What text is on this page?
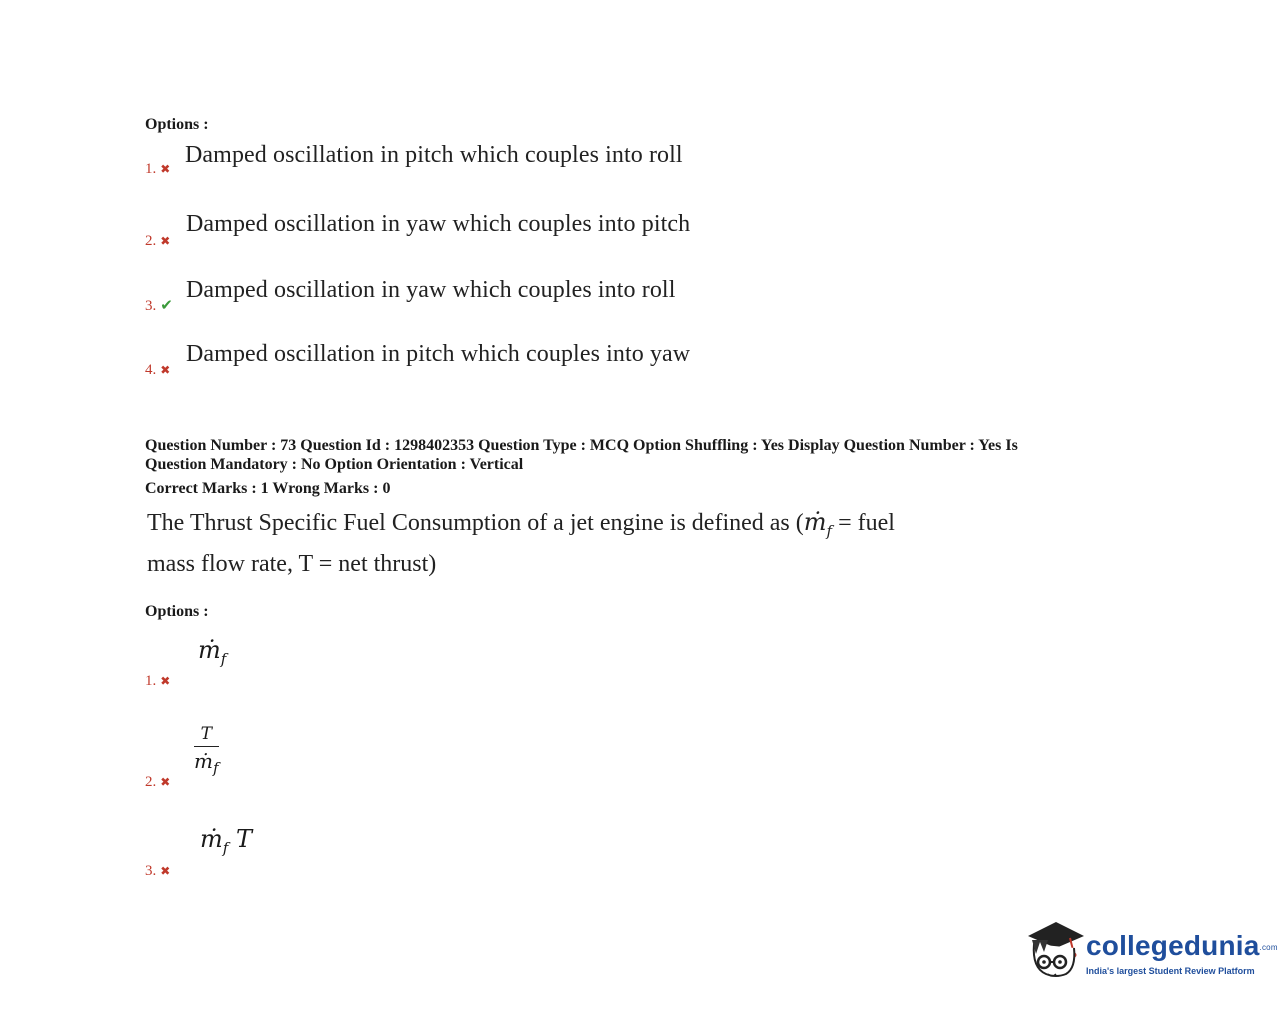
Options :
1. ✖
Damped oscillation in pitch which couples into roll
2. ✖
Damped oscillation in yaw which couples into pitch
3. ✔
Damped oscillation in yaw which couples into roll
4. ✖
Damped oscillation in pitch which couples into yaw
Question Number : 73 Question Id : 1298402353 Question Type : MCQ Option Shuffling : Yes Display Question Number : Yes Is
Question Mandatory : No Option Orientation : Vertical
Correct Marks : 1 Wrong Marks : 0
The Thrust Specific Fuel Consumption of a jet engine is defined as (ṁ$_f$ = fuel
mass flow rate, T = net thrust)
Options :
1. ✖
ṁ$_f$
2. ✖
T
ṁ$_f$
3. ✖
ṁ$_f$ T
collegedunia.com
India's largest Student Review Platform
